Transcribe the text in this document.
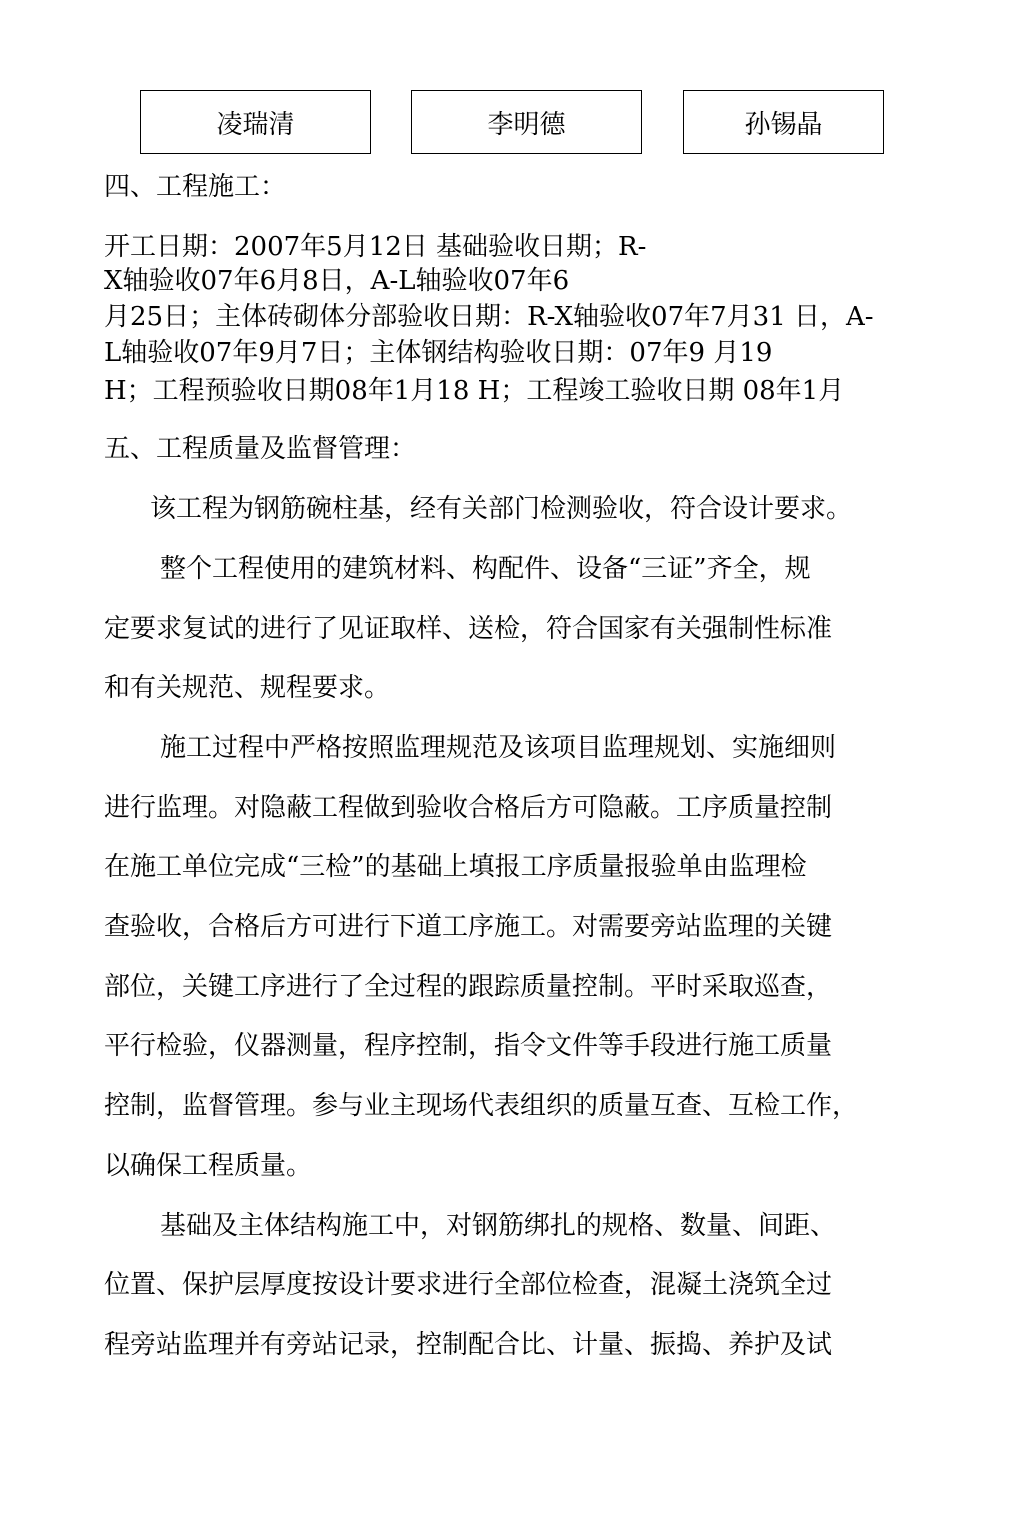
凌瑞清	李明德	孙锡晶
四、工程施工：
开工日期：2007年5月12日 基础验收日期；R-
X轴验收07年6月8日，A-L轴验收07年6
月25日；主体砖砌体分部验收日期：R-X轴验收07年7月31 日，A-
L轴验收07年9月7日；主体钢结构验收日期：07年9 月19
H；工程预验收日期08年1月18 H；工程竣工验收日期 08年1月
五、工程质量及监督管理：
该工程为钢筋碗柱基，经有关部门检测验收，符合设计要求。
整个工程使用的建筑材料、构配件、设备“三证”齐全，规
定要求复试的进行了见证取样、送检，符合国家有关强制性标准
和有关规范、规程要求。
施工过程中严格按照监理规范及该项目监理规划、实施细则
进行监理。对隐蔽工程做到验收合格后方可隐蔽。工序质量控制
在施工单位完成“三检”的基础上填报工序质量报验单由监理检
查验收，合格后方可进行下道工序施工。对需要旁站监理的关键
部位，关键工序进行了全过程的跟踪质量控制。平时采取巡查，
平行检验，仪器测量，程序控制，指令文件等手段进行施工质量
控制，监督管理。参与业主现场代表组织的质量互查、互检工作，
以确保工程质量。
基础及主体结构施工中，对钢筋绑扎的规格、数量、间距、
位置、保护层厚度按设计要求进行全部位检查，混凝土浇筑全过
程旁站监理并有旁站记录，控制配合比、计量、振捣、养护及试
